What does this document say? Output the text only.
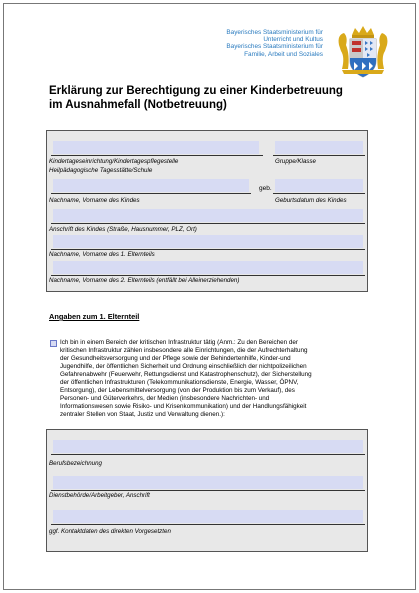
Bayerisches Staatsministerium für
Unterricht und Kultus
Bayerisches Staatsministerium für
Familie, Arbeit und Soziales
Erklärung zur Berechtigung zu einer Kinderbetreuung
im Ausnahmefall (Notbetreuung)
Kindertageseinrichtung/Kindertagespflegestelle	Gruppe/Klasse
Heilpädagogische Tagesstätte/Schule
geb.
Nachname, Vorname des Kindes	Geburtsdatum des Kindes
Anschrift des Kindes (Straße, Hausnummer, PLZ, Ort)
Nachname, Vorname des 1. Elternteils
Nachname, Vorname des 2. Elternteils (entfällt bei Alleinerziehenden)
Angaben zum 1. Elternteil
Ich bin in einem Bereich der kritischen Infrastruktur tätig (Anm.: Zu den Bereichen der
kritischen Infrastruktur zählen insbesondere alle Einrichtungen, die der Aufrechterhaltung
der Gesundheitsversorgung und der Pflege sowie der Behindertenhilfe, Kinder-und
Jugendhilfe, der öffentlichen Sicherheit und Ordnung einschließlich der nichtpolizeilichen
Gefahrenabwehr (Feuerwehr, Rettungsdienst und Katastrophenschutz), der Sicherstellung
der öffentlichen Infrastrukturen (Telekommunikationsdienste, Energie, Wasser, ÖPNV,
Entsorgung), der Lebensmittelversorgung (von der Produktion bis zum Verkauf), des
Personen- und Güterverkehrs, der Medien (insbesondere Nachrichten- und
Informationswesen sowie Risiko- und Krisenkommunikation) und der Handlungsfähigkeit
zentraler Stellen von Staat, Justiz und Verwaltung dienen.):
Berufsbezeichnung
Dienstbehörde/Arbeitgeber, Anschrift
ggf. Kontaktdaten des direkten Vorgesetzten
